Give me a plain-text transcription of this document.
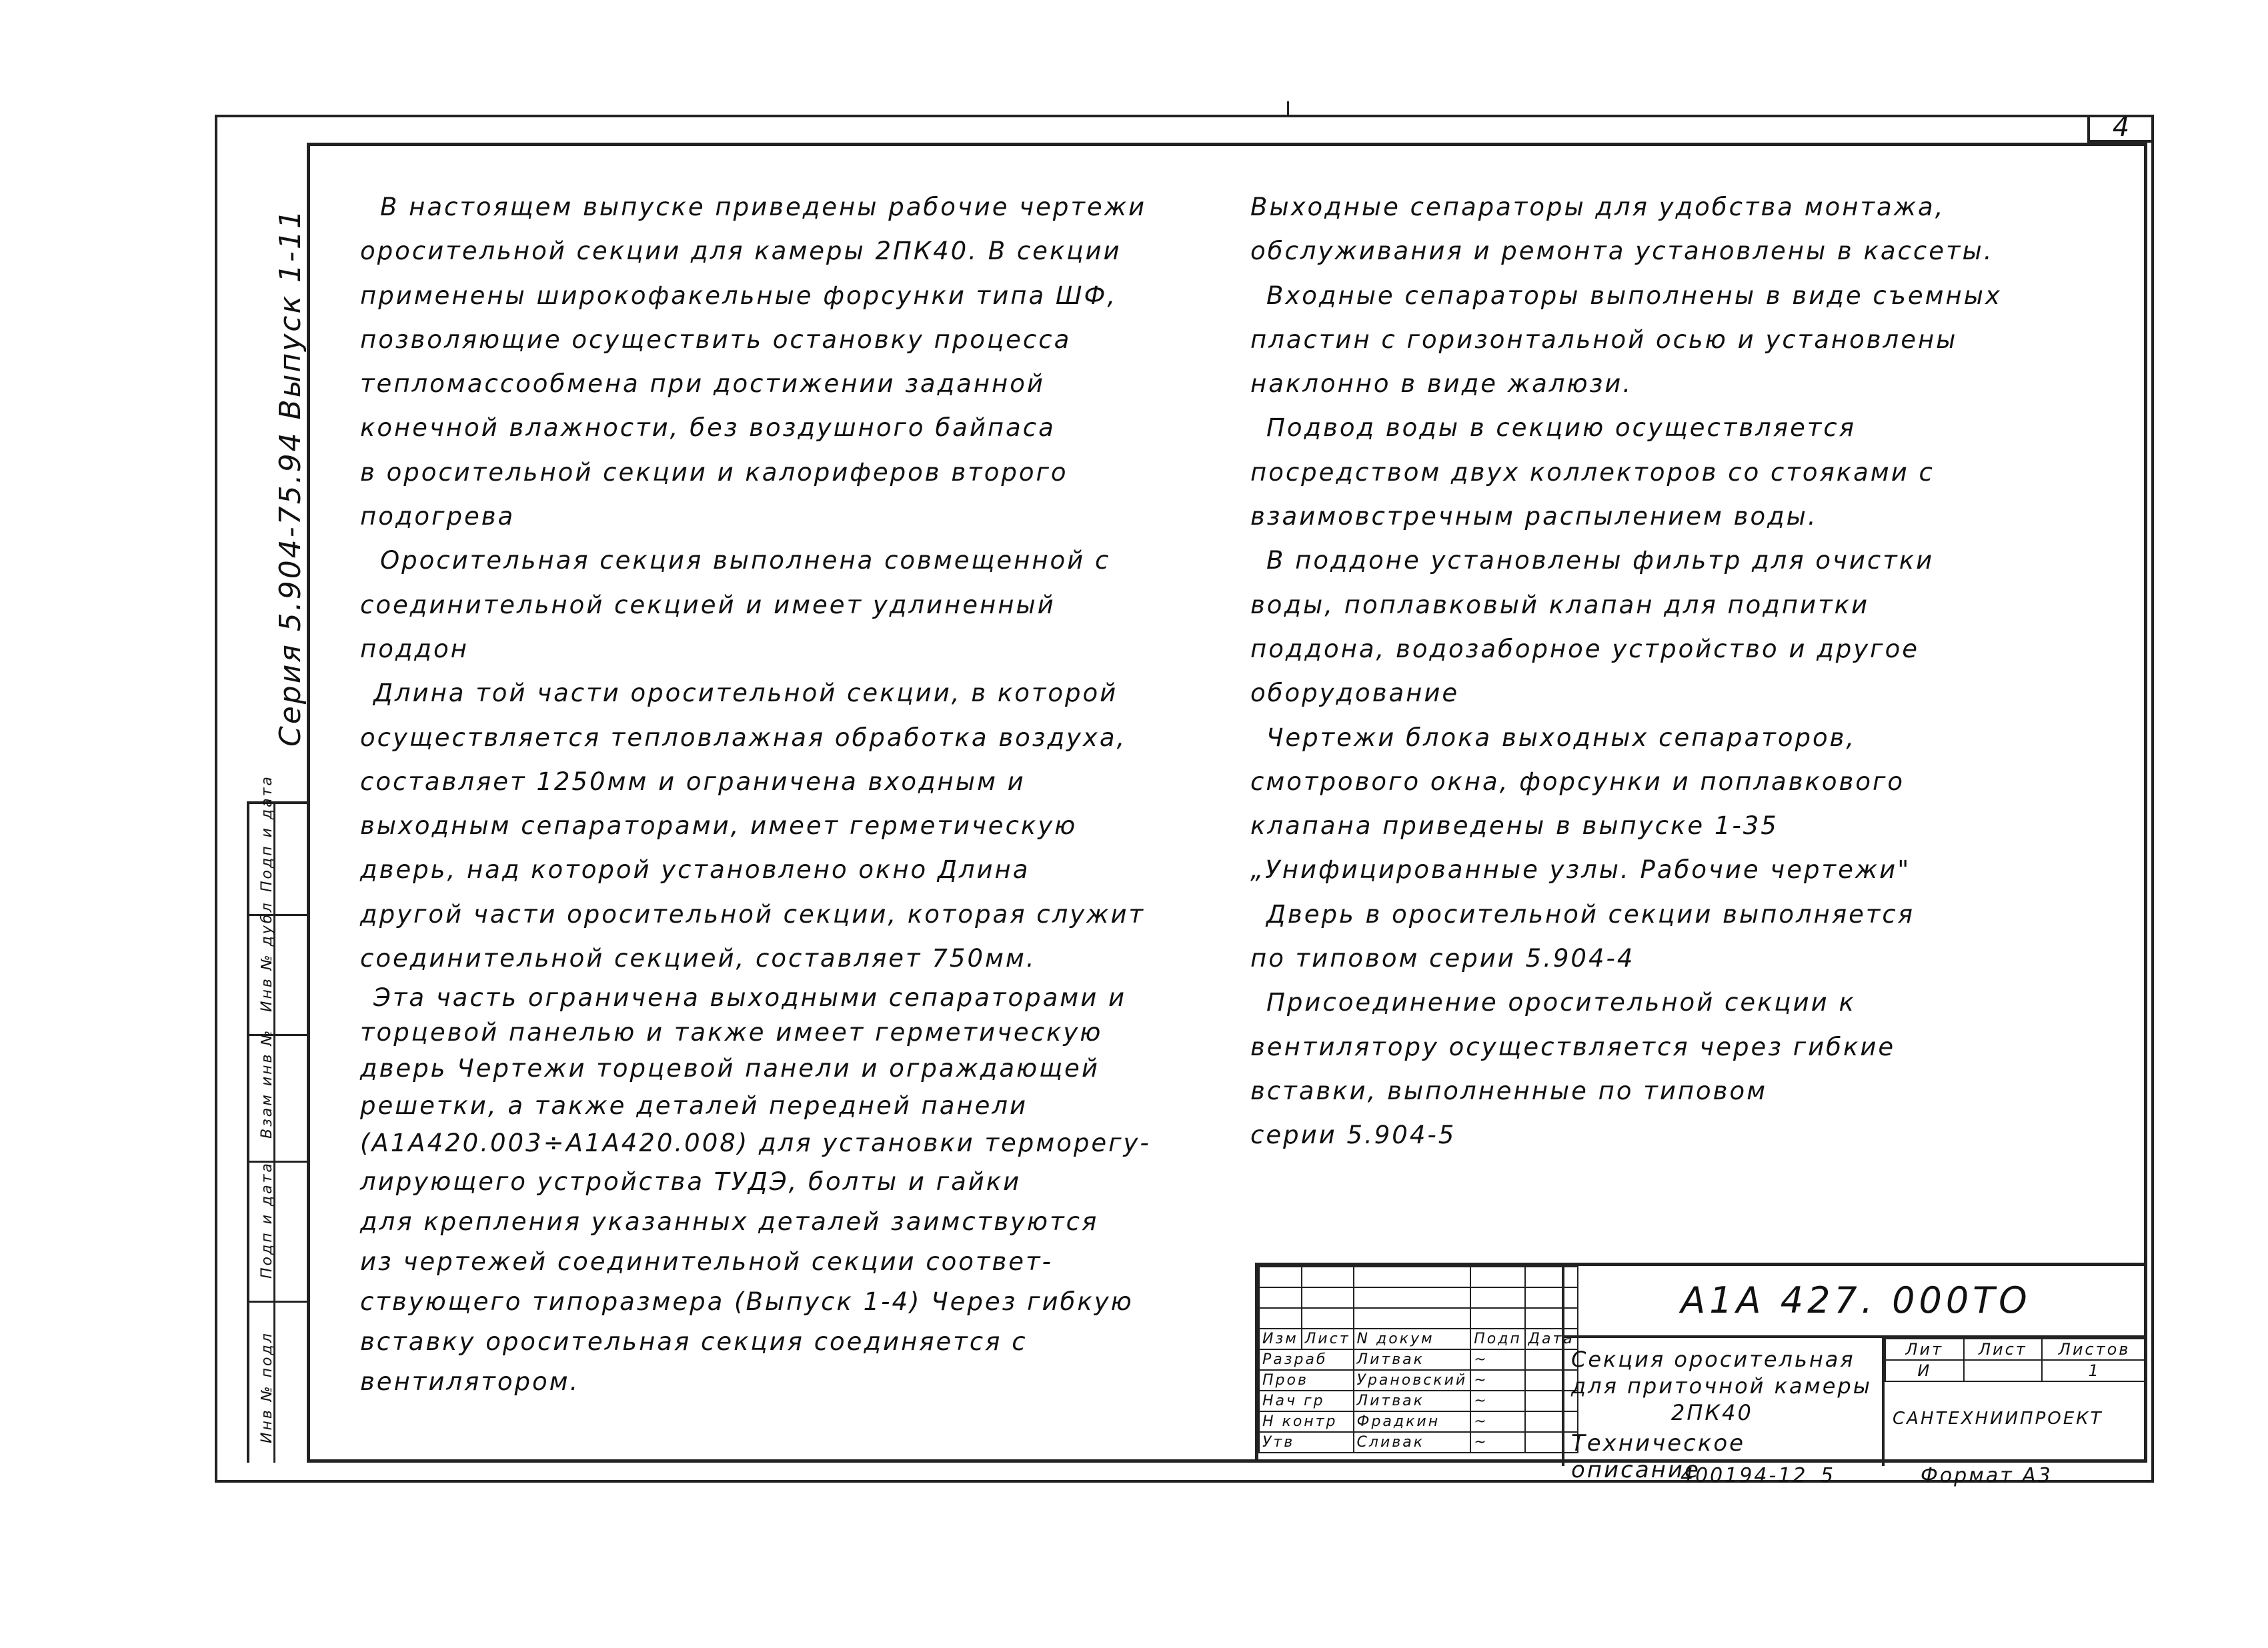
4
Серия 5.904-75.94 Выпуск 1-11
Подп и дата
Инв № дубл
Взам инв №
Подп и дата
Инв № подл

В настоящем выпуске приведены рабочие чертежи

оросительной секции для камеры 2ПК40. В секции

применены широкофакельные форсунки типа ШФ,

позволяющие осуществить остановку процесса

тепломассообмена при достижении заданной

конечной влажности, без воздушного байпаса

в оросительной секции и калориферов второго

подогрева

Оросительная секция выполнена совмещенной с

соединительной секцией и имеет удлиненный

поддон

Длина той части оросительной секции, в которой

осуществляется тепловлажная обработка воздуха,

составляет 1250мм и ограничена входным и

выходным сепараторами, имеет герметическую

дверь, над которой установлено окно Длина

другой части оросительной секции, которая служит

соединительной секцией, составляет 750мм.

Эта часть ограничена выходными сепараторами и

торцевой панелью и также имеет герметическую

дверь Чертежи торцевой панели и ограждающей

решетки, а также деталей передней панели

(А1А420.003÷А1А420.008) для установки терморегу-

лирующего устройства ТУДЭ, болты и гайки

для крепления указанных деталей заимствуются

из чертежей соединительной секции соответ-

ствующего типоразмера (Выпуск 1-4) Через гибкую

вставку оросительная секция соединяется с

вентилятором.

Выходные сепараторы для удобства монтажа,

обслуживания и ремонта установлены в кассеты.

Входные сепараторы выполнены в виде съемных

пластин с горизонтальной осью и установлены

наклонно в виде жалюзи.

Подвод воды в секцию осуществляется

посредством двух коллекторов со стояками с

взаимовстречным распылением воды.

В поддоне установлены фильтр для очистки

воды, поплавковый клапан для подпитки

поддона, водозаборное устройство и другое

оборудование

Чертежи блока выходных сепараторов,

смотрового окна, форсунки и поплавкового

клапана приведены в выпуске 1-35

„Унифицированные узлы. Рабочие чертежи"

Дверь в оросительной секции выполняется

по типовом серии 5.904-4

Присоединение оросительной секции к

вентилятору осуществляется через гибкие

вставки, выполненные по типовом

серии 5.904-5

Изм	Лист	N докум	Подп	Дата
Разраб		Литвак	~	
Пров		Урановский	~	
Нач гр		Литвак	~	
Н контр		Фрадкин	~	
Утв		Сливак	~	
А1А 427. 000ТО
Секция оросительная
для приточной камеры
2ПК40
Техническое описание
Лит	Лист	Листов
И		1
САНТЕХНИИПРОЕКТ
400194-12 5	Формат А3
